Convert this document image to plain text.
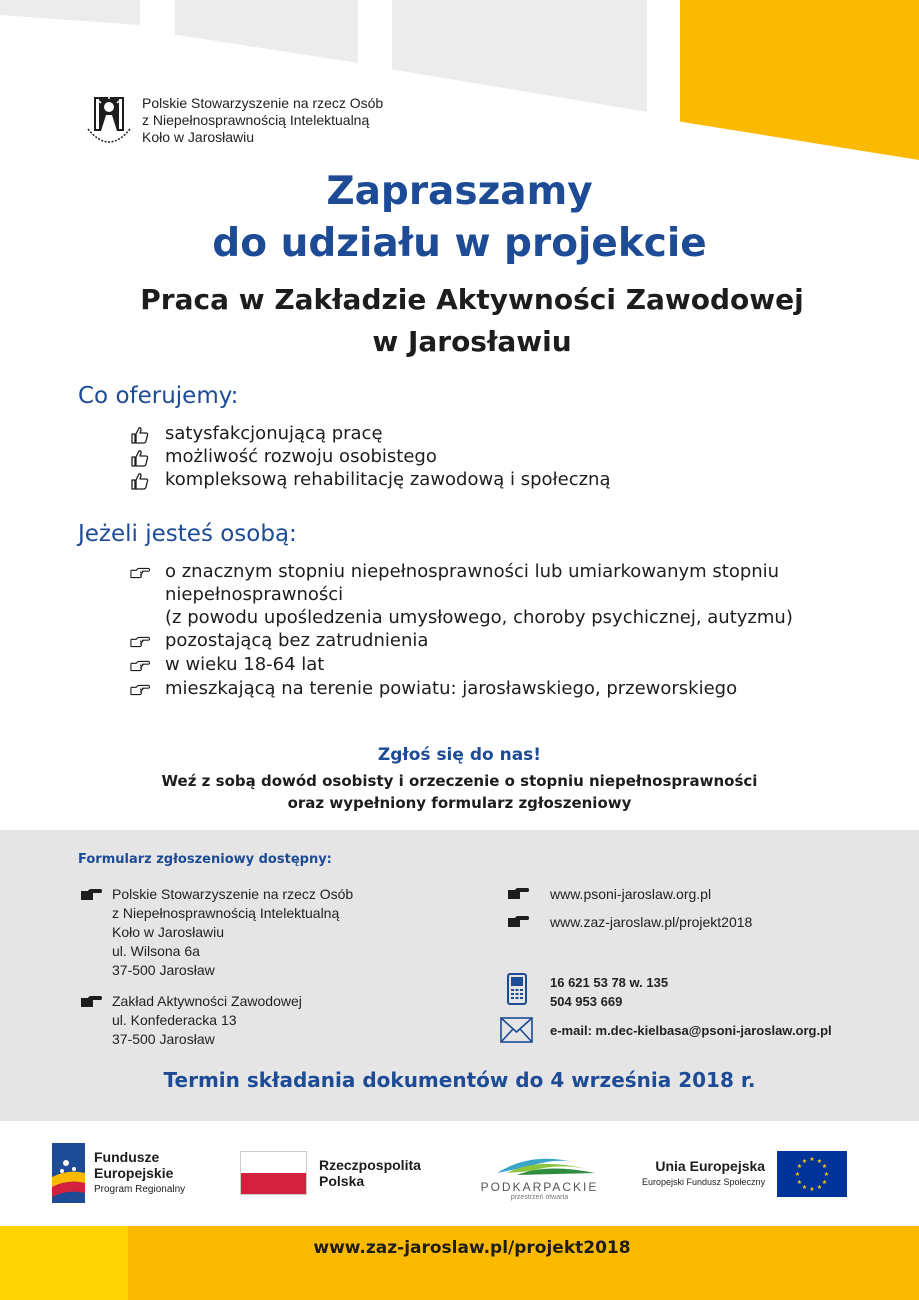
Polskie Stowarzyszenie na rzecz Osób
z Niepełnosprawnością Intelektualną
Koło w Jarosławiu
Zapraszamy
do udziału w projekcie
Praca w Zakładzie Aktywności Zawodowej
w Jarosławiu
Co oferujemy:
satysfakcjonującą pracę
możliwość rozwoju osobistego
kompleksową rehabilitację zawodową i społeczną
Jeżeli jesteś osobą:
o znacznym stopniu niepełnosprawności lub umiarkowanym stopniu
niepełnosprawności
(z powodu upośledzenia umysłowego, choroby psychicznej, autyzmu)
pozostającą bez zatrudnienia
w wieku 18-64 lat
mieszkającą na terenie powiatu: jarosławskiego, przeworskiego
Zgłoś się do nas!
Weź z sobą dowód osobisty i orzeczenie o stopniu niepełnosprawności
oraz wypełniony formularz zgłoszeniowy
Formularz zgłoszeniowy dostępny:
Polskie Stowarzyszenie na rzecz Osób
z Niepełnosprawnością Intelektualną
Koło w Jarosławiu
ul. Wilsona 6a
37-500 Jarosław
Zakład Aktywności Zawodowej
ul. Konfederacka 13
37-500 Jarosław
www.psoni-jaroslaw.org.pl
www.zaz-jaroslaw.pl/projekt2018
16 621 53 78 w. 135
504 953 669
e-mail: m.dec-kielbasa@psoni-jaroslaw.org.pl
Termin składania dokumentów do 4 września 2018 r.
Fundusze
Europejskie
Program Regionalny
Rzeczpospolita
Polska	PODKARPACKIE
przestrzeń otwarta
Unia Europejska
Europejski Fundusz Społeczny
★ ★
★
★
★
★
★
★
★
★
★
★
www.zaz-jaroslaw.pl/projekt2018
